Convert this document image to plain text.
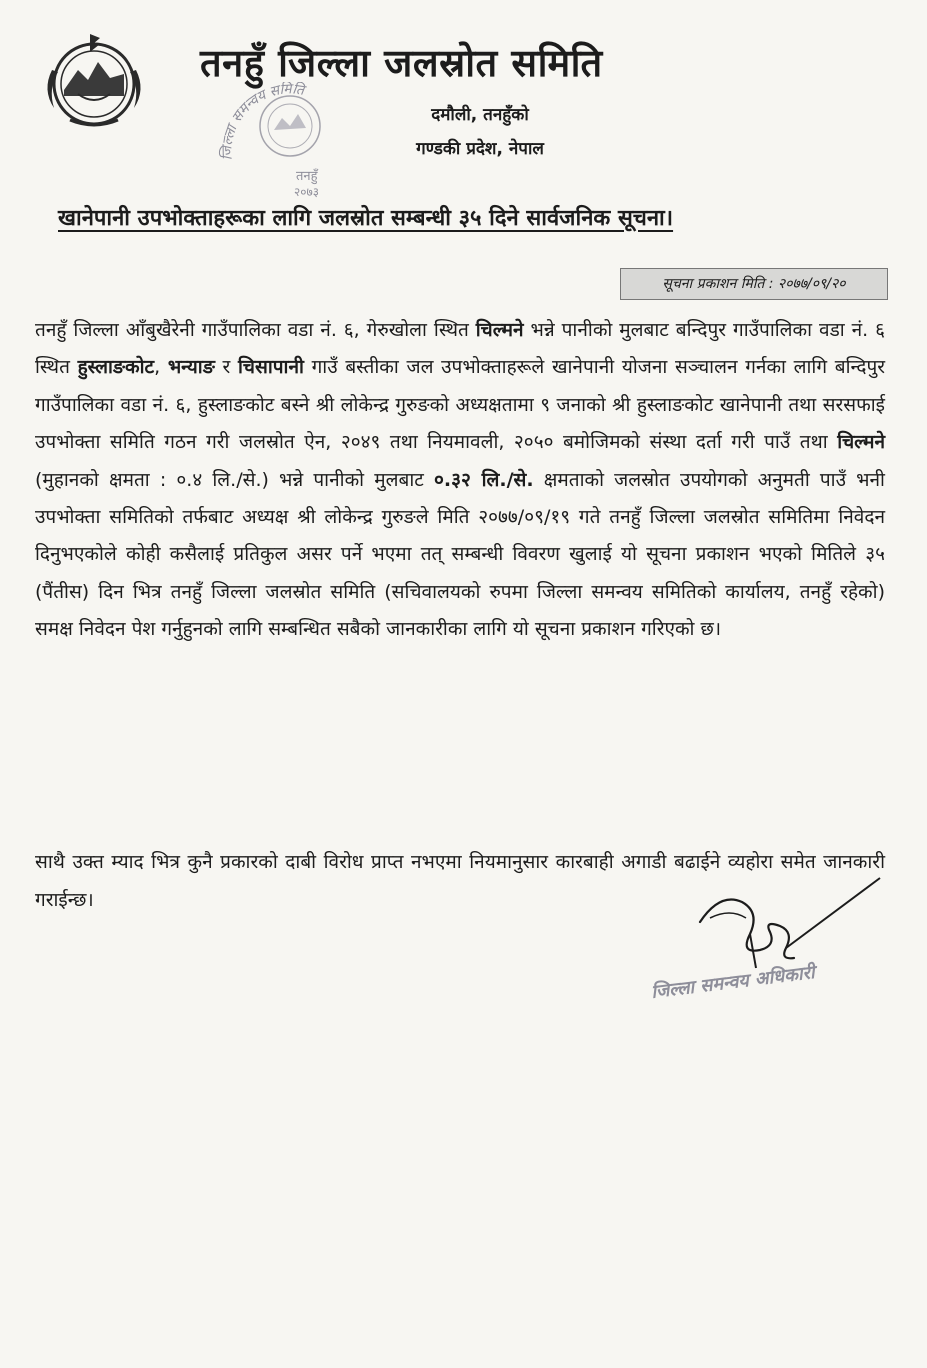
तनहुँ जिल्ला जलस्रोत समिति
दमौली, तनहुँको
गण्डकी प्रदेश, नेपाल
जिल्ला समन्वय समिति
तनहुँ
२०७३
खानेपानी उपभोक्ताहरूका लागि जलस्रोत सम्बन्धी ३५ दिने सार्वजनिक सूचना।
सूचना प्रकाशन मिति : २०७७/०९/२०
तनहुँ जिल्ला आँबुखैरेनी गाउँपालिका वडा नं. ६, गेरुखोला स्थित चिल्मने भन्ने पानीको मुलबाट बन्दिपुर गाउँपालिका वडा नं. ६ स्थित हुस्लाङकोट, भन्याङ र चिसापानी गाउँ बस्तीका जल उपभोक्ताहरूले खानेपानी योजना सञ्चालन गर्नका लागि बन्दिपुर गाउँपालिका वडा नं. ६, हुस्लाङकोट बस्ने श्री लोकेन्द्र गुरुङको अध्यक्षतामा ९ जनाको श्री हुस्लाङकोट खानेपानी तथा सरसफाई उपभोक्ता समिति गठन गरी जलस्रोत ऐन, २०४९ तथा नियमावली, २०५० बमोजिमको संस्था दर्ता गरी पाउँ तथा चिल्मने (मुहानको क्षमता : ०.४ लि./से.) भन्ने पानीको मुलबाट ०.३२ लि./से. क्षमताको जलस्रोत उपयोगको अनुमती पाउँ भनी उपभोक्ता समितिको तर्फबाट अध्यक्ष श्री लोकेन्द्र गुरुङले मिति २०७७/०९/१९ गते तनहुँ जिल्ला जलस्रोत समितिमा निवेदन दिनुभएकोले कोही कसैलाई प्रतिकुल असर पर्ने भएमा तत् सम्बन्धी विवरण खुलाई यो सूचना प्रकाशन भएको मितिले ३५ (पैंतीस) दिन भित्र तनहुँ जिल्ला जलस्रोत समिति (सचिवालयको रुपमा जिल्ला समन्वय समितिको कार्यालय, तनहुँ रहेको) समक्ष निवेदन पेश गर्नुहुनको लागि सम्बन्धित सबैको जानकारीका लागि यो सूचना प्रकाशन गरिएको छ।
साथै उक्त म्याद भित्र कुनै प्रकारको दाबी विरोध प्राप्त नभएमा नियमानुसार कारबाही अगाडी बढाईने व्यहोरा समेत जानकारी गराईन्छ।
जिल्ला समन्वय अधिकारी
